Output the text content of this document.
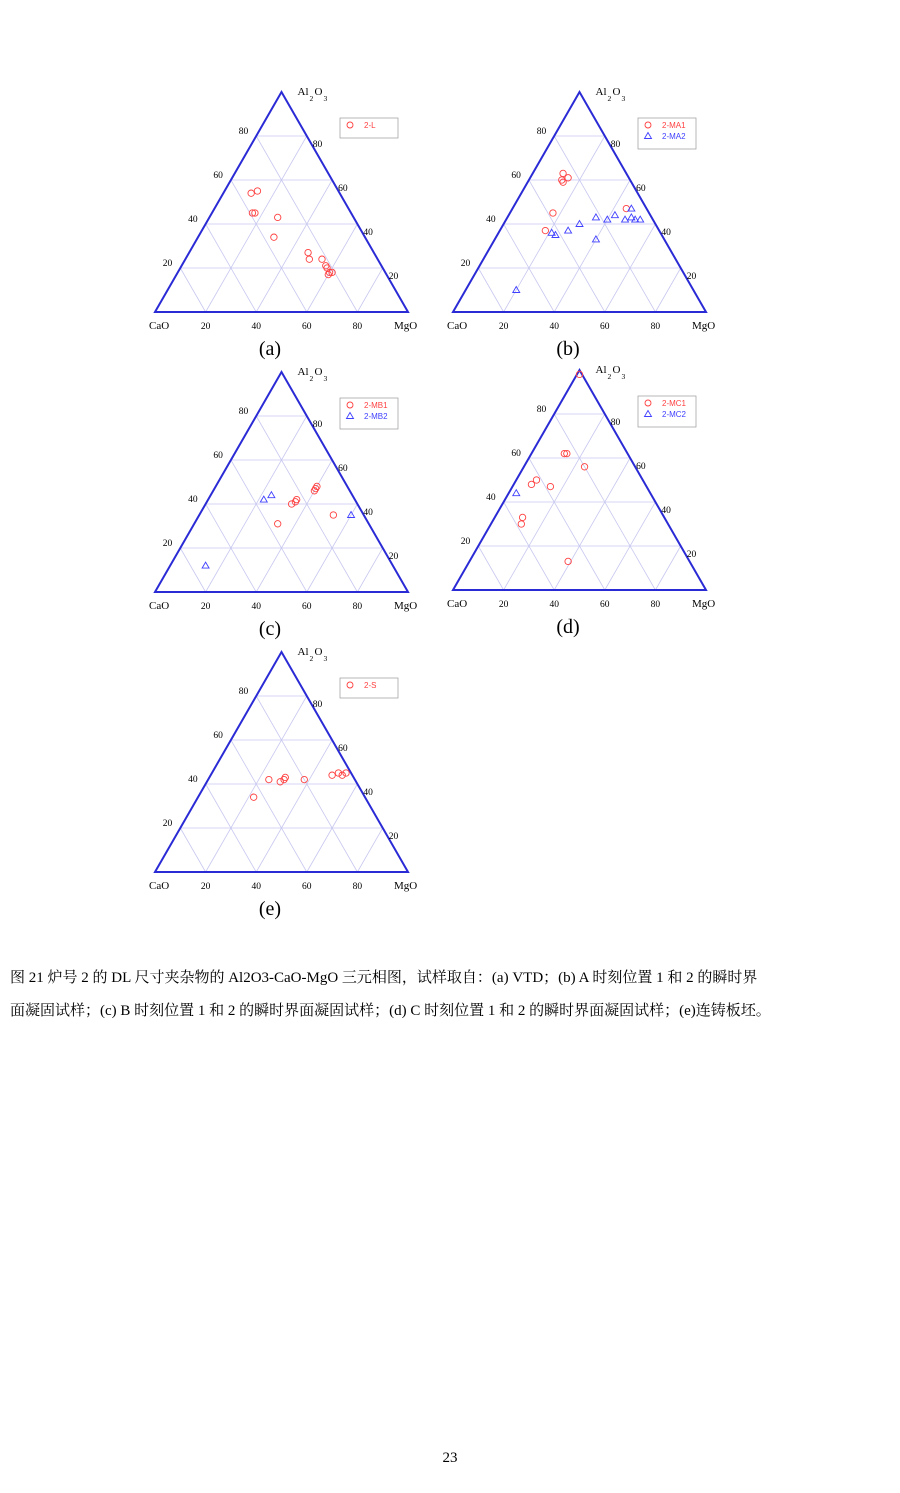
20	40	60	80
20
40
60
80
80
60
40
20
CaO	MgO
Al
2
O
3
2-L
(a)
20	40	60	80
20
40
60
80
80
60
40
20
CaO	MgO
Al
2
O
3
2-MA1
2-MA2
(b)
20	40	60	80
20
40
60
80
80
60
40
20
CaO	MgO
Al
2
O
3
2-MB1
2-MB2
(c)
20	40	60	80
20
40
60
80
80
60
40
20
CaO	MgO
Al
2
O
3
2-MC1
2-MC2
(d)
20	40	60	80
20
40
60
80
80
60
40
20
CaO	MgO
Al
2
O
3
2-S
(e)
图 21 炉号 2 的 DL 尺寸夹杂物的 Al2O3-CaO-MgO 三元相图，试样取自：(a) VTD；(b) A 时刻位置 1 和 2 的瞬时界
面凝固试样；(c) B 时刻位置 1 和 2 的瞬时界面凝固试样；(d) C 时刻位置 1 和 2 的瞬时界面凝固试样；(e)连铸板坯。
23
